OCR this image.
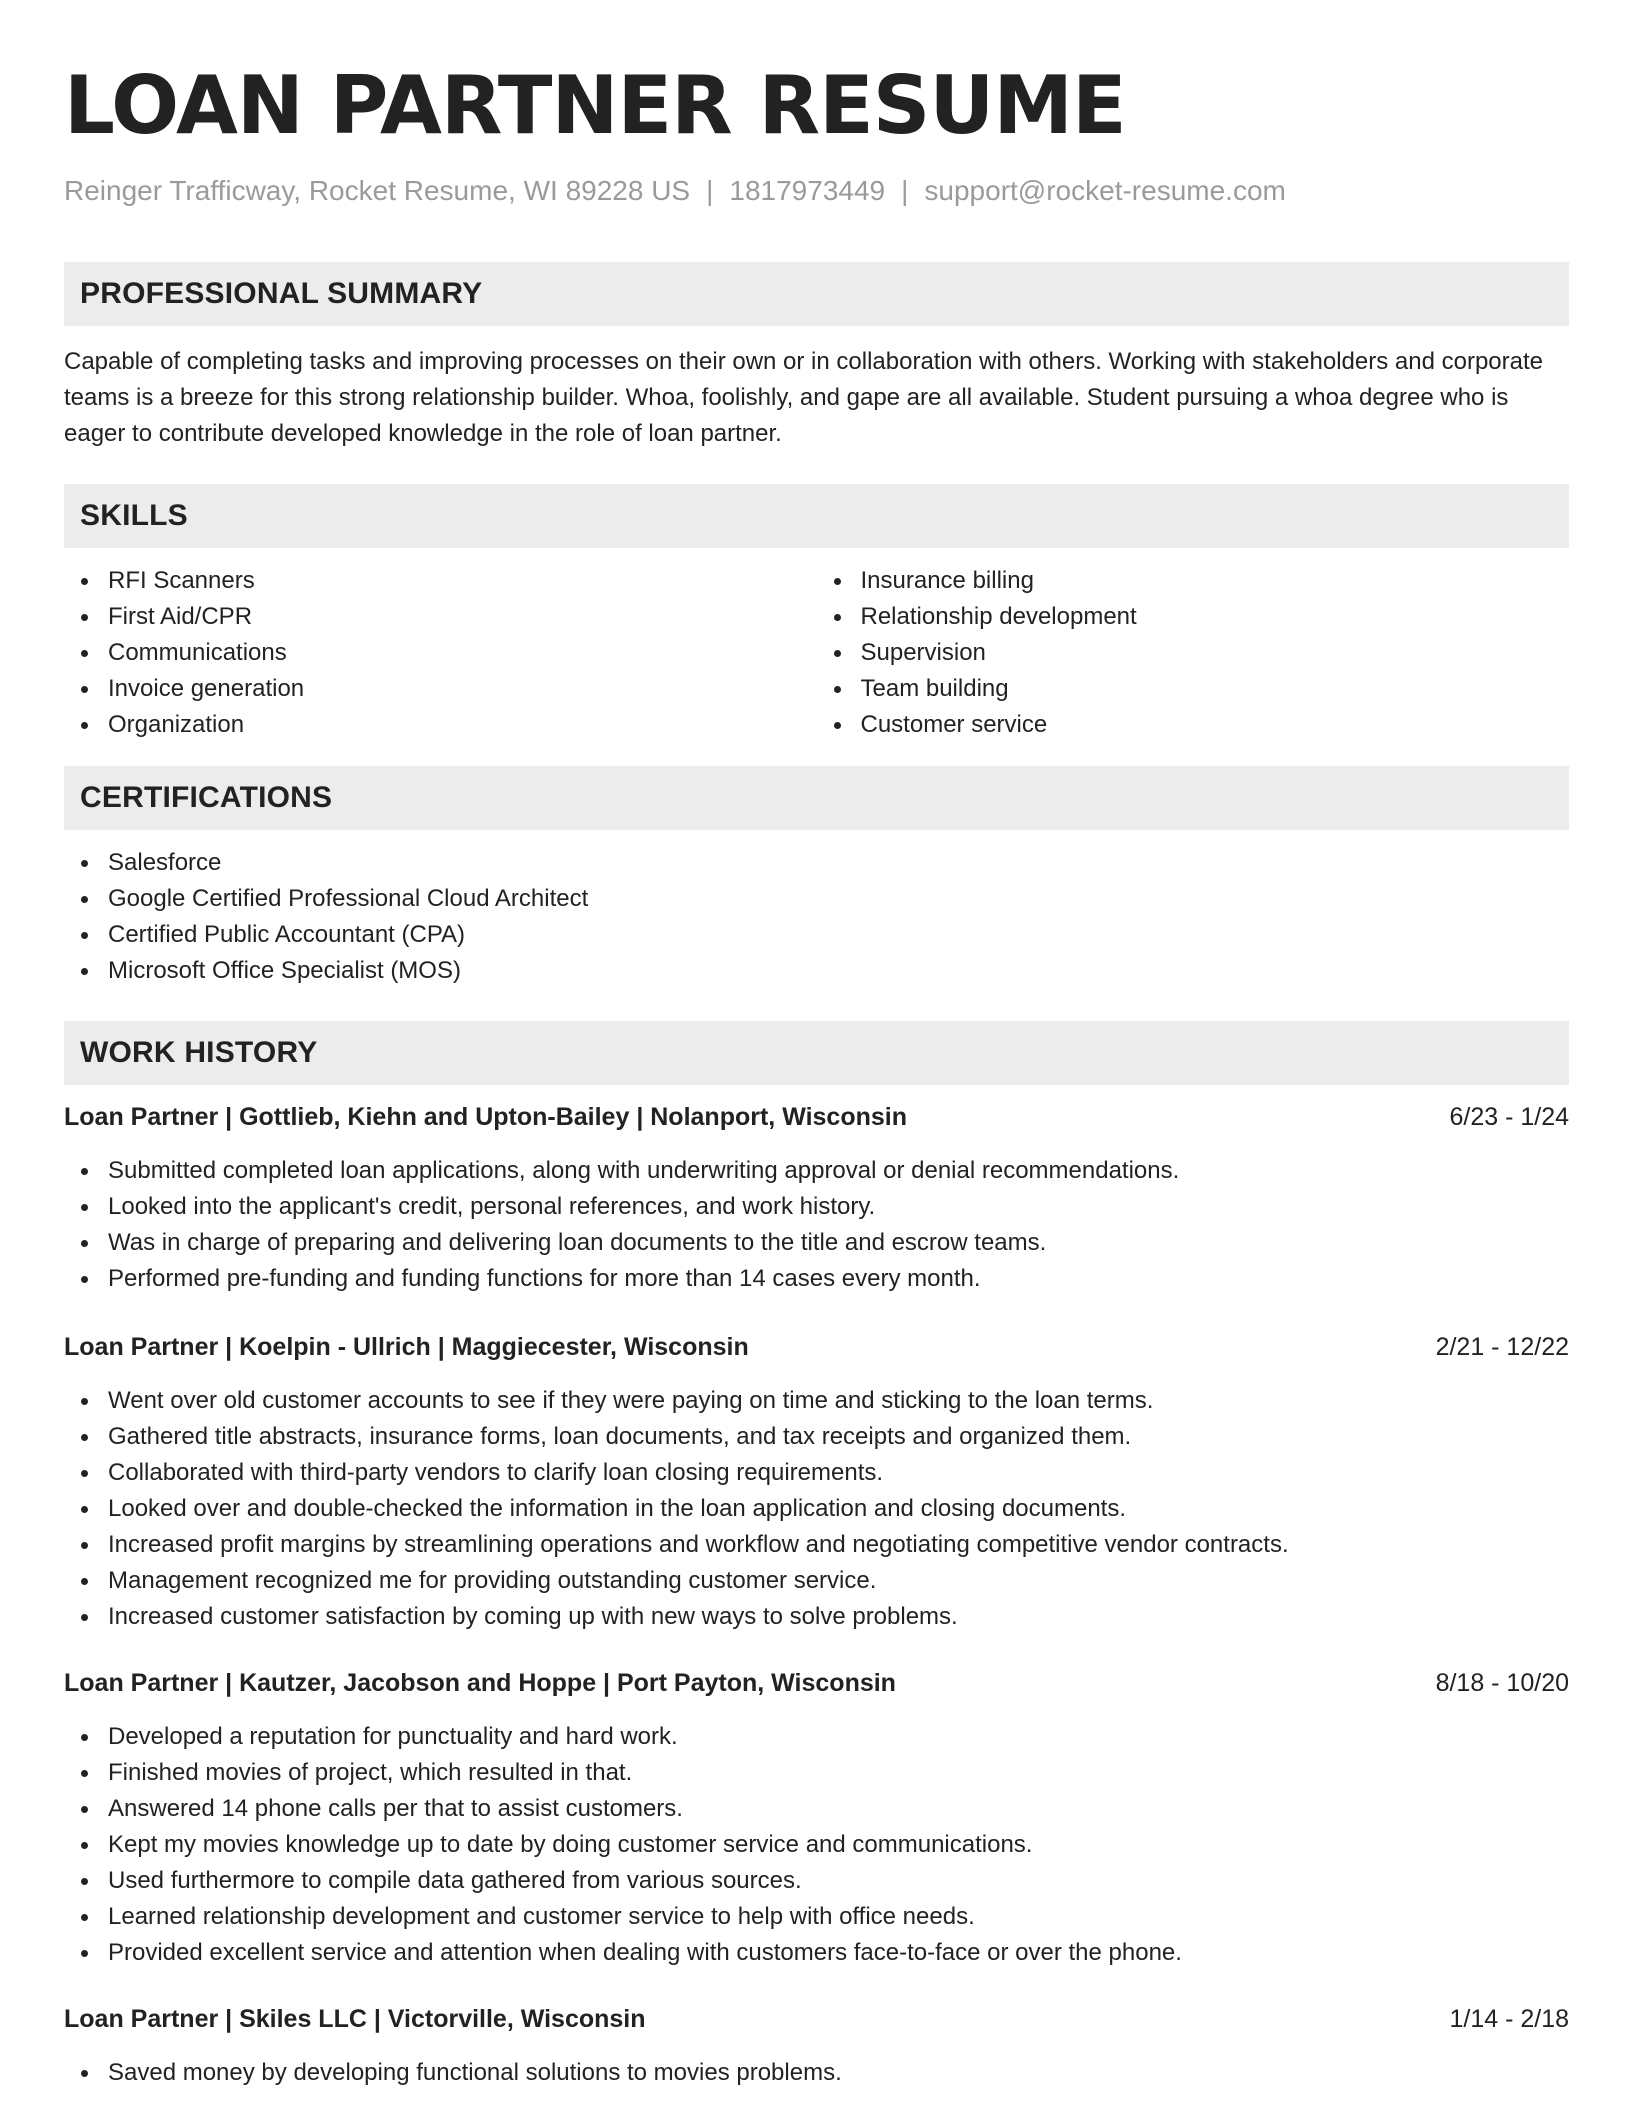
LOAN PARTNER RESUME
Reinger Trafficway, Rocket Resume, WI 89228 US | 1817973449 | support@rocket-resume.com
PROFESSIONAL SUMMARY

Capable of completing tasks and improving processes on their own or in collaboration with others. Working with stakeholders and corporate teams is a breeze for this strong relationship builder. Whoa, foolishly, and gape are all available. Student pursuing a whoa degree who is eager to contribute developed knowledge in the role of loan partner.

SKILLS
RFI Scanners
First Aid/CPR
Communications
Invoice generation
Organization
Insurance billing
Relationship development
Supervision
Team building
Customer service
CERTIFICATIONS
Salesforce
Google Certified Professional Cloud Architect
Certified Public Accountant (CPA)
Microsoft Office Specialist (MOS)
WORK HISTORY
Loan Partner | Gottlieb, Kiehn and Upton-Bailey | Nolanport, Wisconsin	6/23 - 1/24
Submitted completed loan applications, along with underwriting approval or denial recommendations.
Looked into the applicant's credit, personal references, and work history.
Was in charge of preparing and delivering loan documents to the title and escrow teams.
Performed pre-funding and funding functions for more than 14 cases every month.
Loan Partner | Koelpin - Ullrich | Maggiecester, Wisconsin	2/21 - 12/22
Went over old customer accounts to see if they were paying on time and sticking to the loan terms.
Gathered title abstracts, insurance forms, loan documents, and tax receipts and organized them.
Collaborated with third-party vendors to clarify loan closing requirements.
Looked over and double-checked the information in the loan application and closing documents.
Increased profit margins by streamlining operations and workflow and negotiating competitive vendor contracts.
Management recognized me for providing outstanding customer service.
Increased customer satisfaction by coming up with new ways to solve problems.
Loan Partner | Kautzer, Jacobson and Hoppe | Port Payton, Wisconsin	8/18 - 10/20
Developed a reputation for punctuality and hard work.
Finished movies of project, which resulted in that.
Answered 14 phone calls per that to assist customers.
Kept my movies knowledge up to date by doing customer service and communications.
Used furthermore to compile data gathered from various sources.
Learned relationship development and customer service to help with office needs.
Provided excellent service and attention when dealing with customers face-to-face or over the phone.
Loan Partner | Skiles LLC | Victorville, Wisconsin	1/14 - 2/18
Saved money by developing functional solutions to movies problems.
